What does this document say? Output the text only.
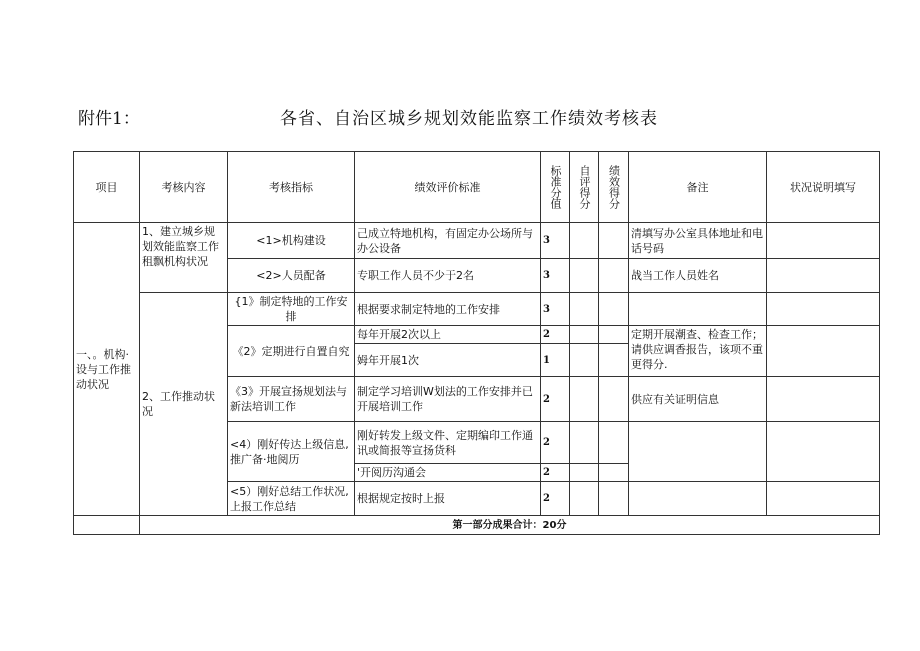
附件1：	各省、自治区城乡规划效能监察工作绩效考核表
项目	考核内容	考核指标	绩效评价标准	标准分值	自评得分	绩效得分	备注	状况说明填写
一、。机构·设与工作推动状况	1、建立城乡规划效能监察工作租飘机构状况	<1>机构建设	己成立特地机构，有固定办公场所与办公设备	3			清填写办公室具体地址和电话号码	
		<2>人员配备	专职工作人员不少于2名	3			战当工作人员姓名	
	2、工作推动状况	{1》制定特地的工作安排	根据要求制定特地的工作安排	3				
		《2》定期进行自置自究	每年开展2次以上	2			定期开展潮查、检查工作；请供应调香报告，该项不重更得分.	
			姆年开展1次	1				
		《3》开展宣扬规划法与新法培训工作	制定学习培训W划法的工作安排并已开展培训工作	2			供应有关证明信息	
		<4）刚好传达上级信息,推广备·地阅历	刚好转发上级文件、定期编印工作通讯或简报等宣扬货科	2				
			'开阅历沟通会	2				
		<5）刚好总结工作状况,上报工作总结	根据规定按时上报	2				
	第一部分成果合计：20分							
